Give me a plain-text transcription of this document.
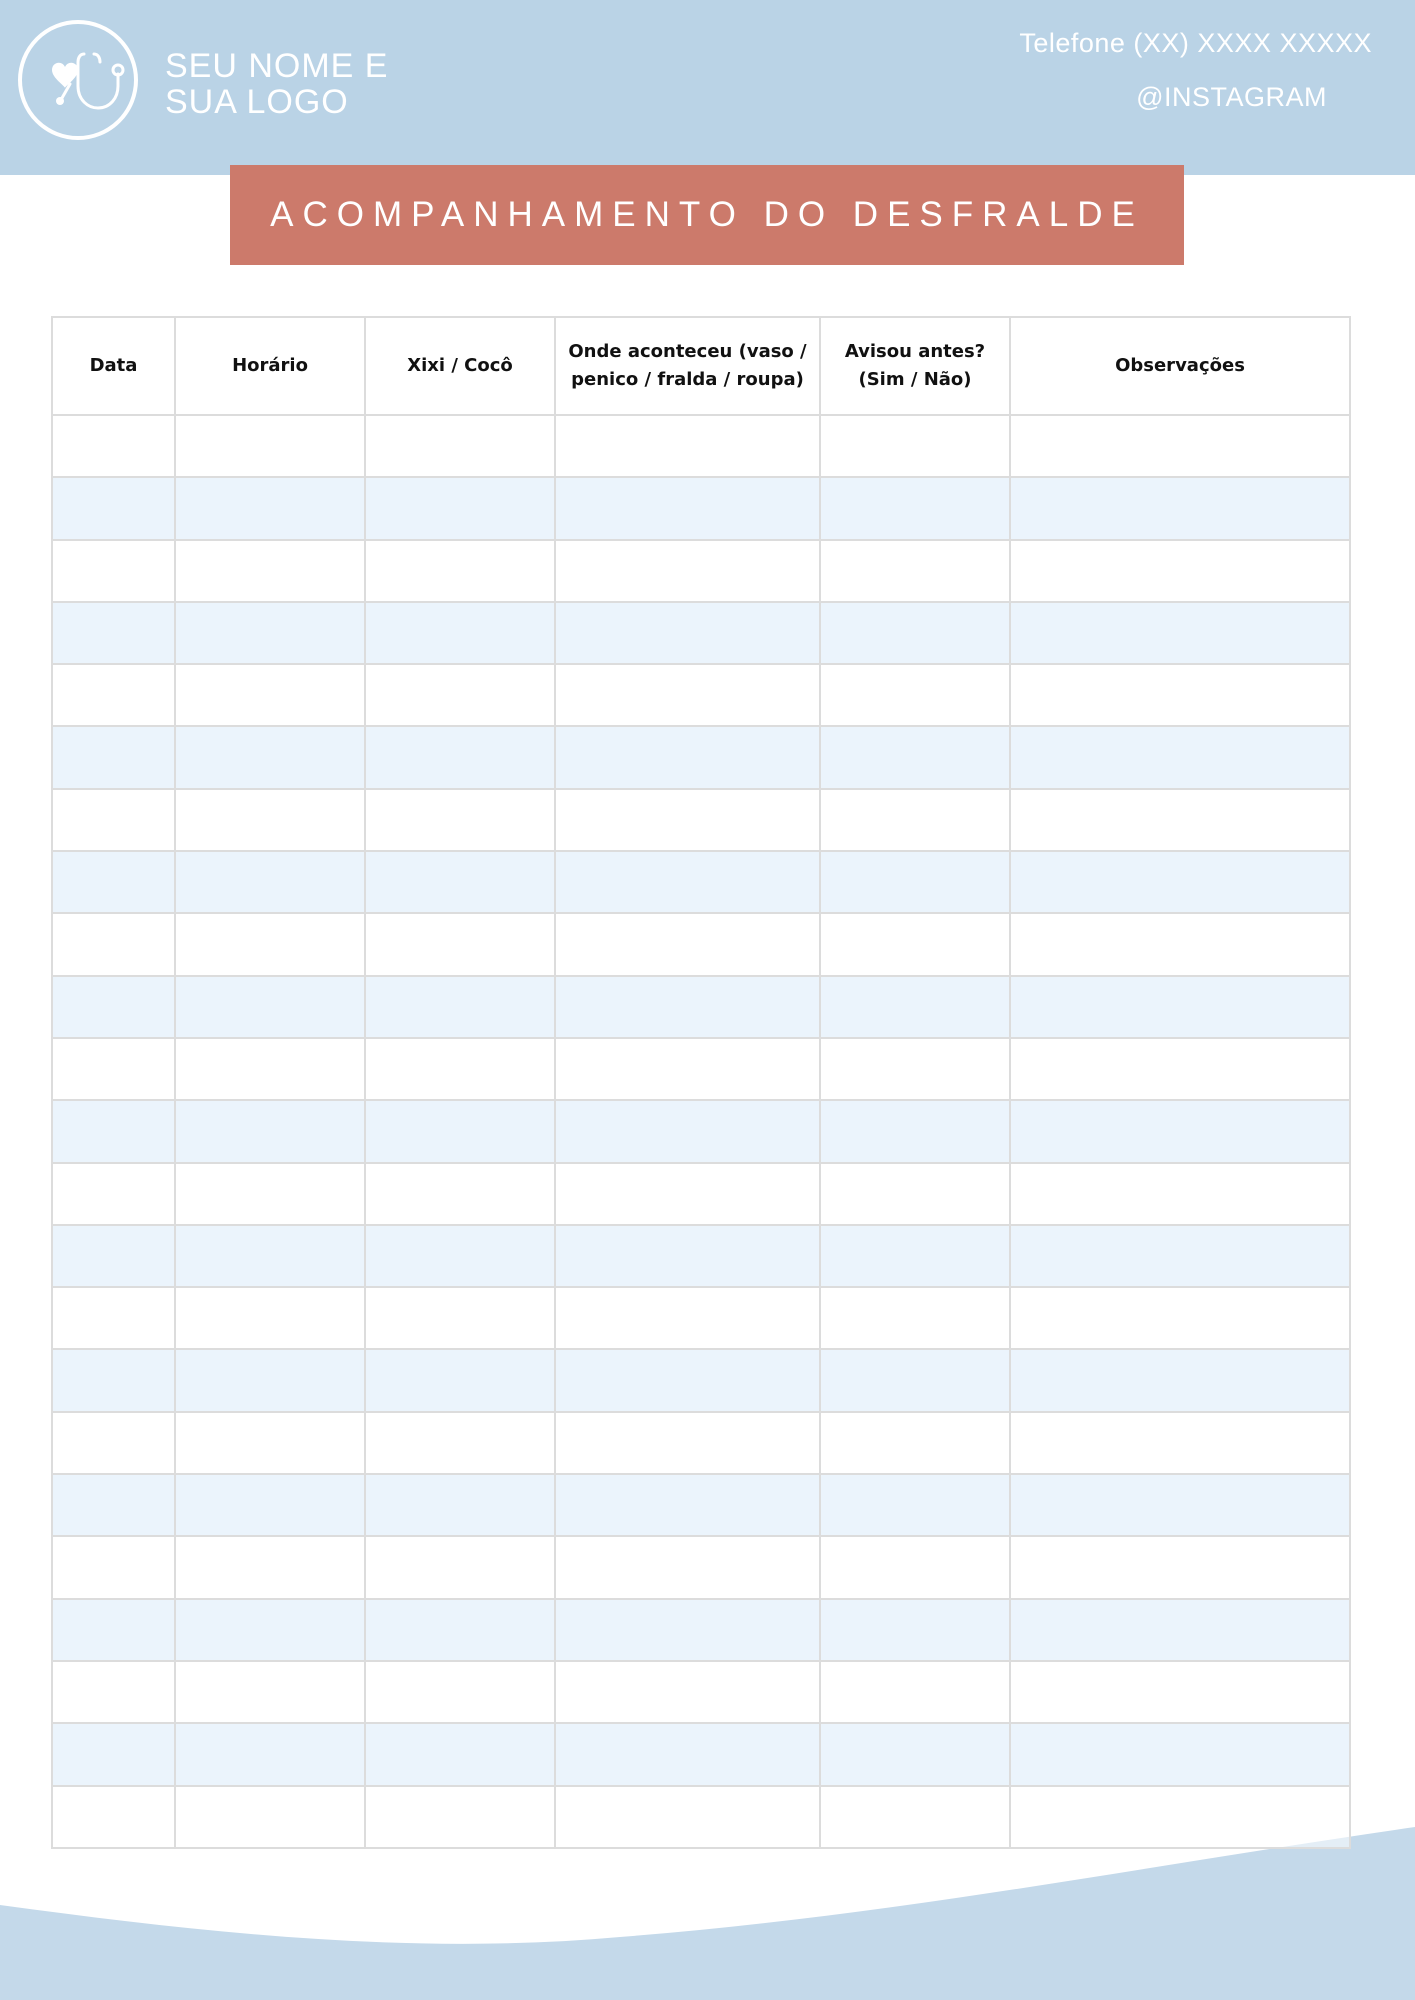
SEU NOME E
SUA LOGO
Telefone (XX) XXXX XXXXX
@INSTAGRAM
ACOMPANHAMENTO DO DESFRALDE
Data	Horário	Xixi / Cocô	Onde aconteceu (vaso / penico / fralda / roupa)	Avisou antes? (Sim / Não)	Observações
